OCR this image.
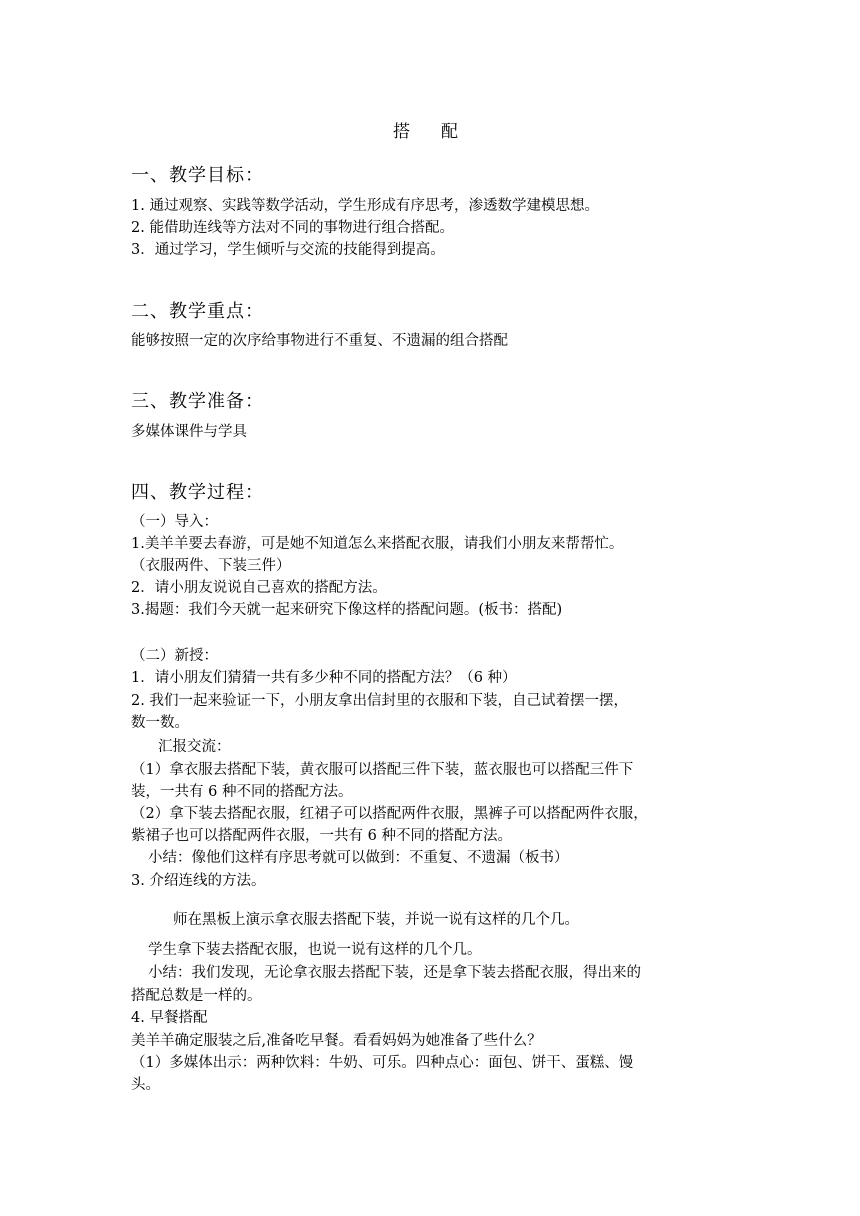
搭 配
一、教学目标：
1. 通过观察、实践等数学活动，学生形成有序思考，渗透数学建模思想。
2. 能借助连线等方法对不同的事物进行组合搭配。
3．通过学习，学生倾听与交流的技能得到提高。
二、教学重点：
能够按照一定的次序给事物进行不重复、不遗漏的组合搭配
三、教学准备：
多媒体课件与学具
四、教学过程：
（一）导入：
1.美羊羊要去春游，可是她不知道怎么来搭配衣服，请我们小朋友来帮帮忙。
（衣服两件、下装三件）
2．请小朋友说说自己喜欢的搭配方法。
3.揭题：我们今天就一起来研究下像这样的搭配问题。(板书：搭配)
（二）新授：
1．请小朋友们猜猜一共有多少种不同的搭配方法？（6 种）
2. 我们一起来验证一下，小朋友拿出信封里的衣服和下装，自己试着摆一摆，
数一数。
汇报交流：
（1）拿衣服去搭配下装，黄衣服可以搭配三件下装，蓝衣服也可以搭配三件下
装，一共有 6 种不同的搭配方法。
（2）拿下装去搭配衣服，红裙子可以搭配两件衣服，黑裤子可以搭配两件衣服，
紫裙子也可以搭配两件衣服，一共有 6 种不同的搭配方法。
小结：像他们这样有序思考就可以做到：不重复、不遗漏（板书）
3. 介绍连线的方法。
师在黑板上演示拿衣服去搭配下装，并说一说有这样的几个几。
学生拿下装去搭配衣服，也说一说有这样的几个几。
小结：我们发现，无论拿衣服去搭配下装，还是拿下装去搭配衣服，得出来的
搭配总数是一样的。
4. 早餐搭配
美羊羊确定服装之后,准备吃早餐。看看妈妈为她准备了些什么？
（1）多媒体出示：两种饮料：牛奶、可乐。四种点心：面包、饼干、蛋糕、馒
头。
